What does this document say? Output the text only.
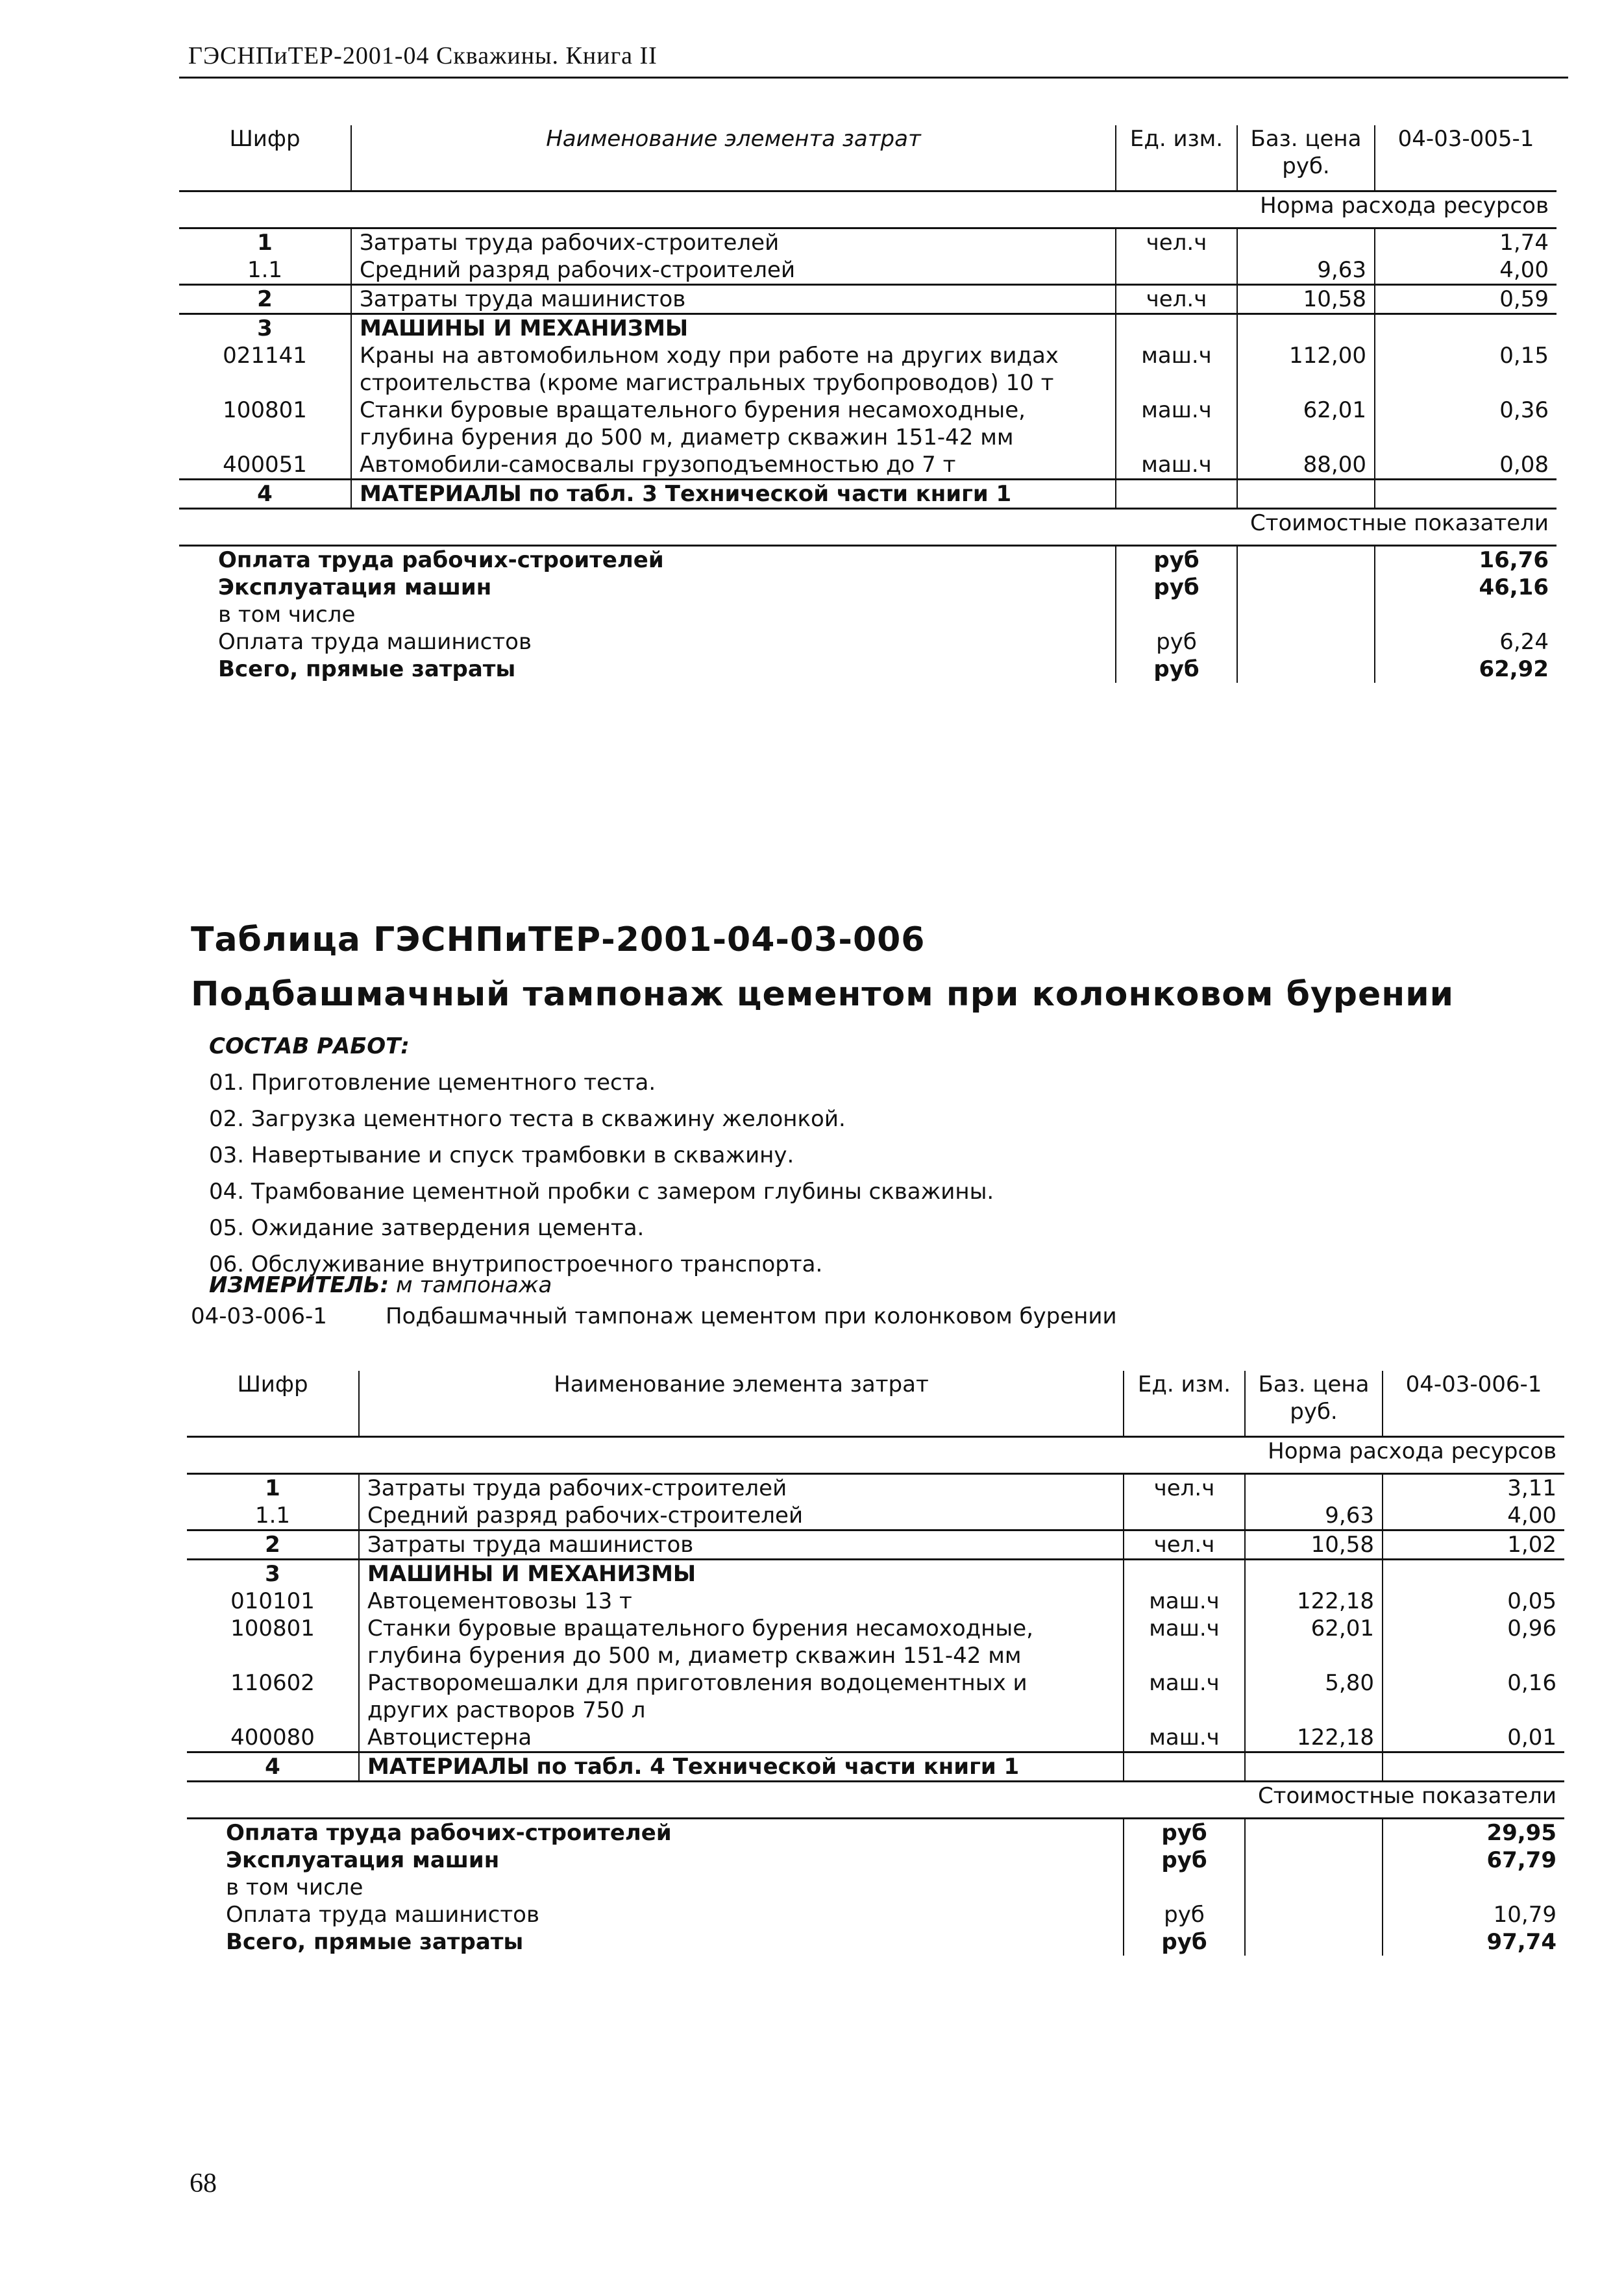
ГЭСНПиТЕР-2001-04 Скважины. Книга II
Шифр	Наименование элемента затрат	Ед. изм.	Баз. цена руб.	04-03-005-1
Норма расхода ресурсов				
1	Затраты труда рабочих-строителей	чел.ч		1,74
1.1	Средний разряд рабочих-строителей		9,63	4,00
2	Затраты труда машинистов	чел.ч	10,58	0,59
3	МАШИНЫ И МЕХАНИЗМЫ			
021141	Краны на автомобильном ходу при работе на других видах строительства (кроме магистральных трубопроводов) 10 т	маш.ч	112,00	0,15
100801	Станки буровые вращательного бурения несамоходные, глубина бурения до 500 м, диаметр скважин 151-42 мм	маш.ч	62,01	0,36
400051	Автомобили-самосвалы грузоподъемностью до 7 т	маш.ч	88,00	0,08
4	МАТЕРИАЛЫ по табл. 3 Технической части книги 1			
Стоимостные показатели				
Оплата труда рабочих-строителей		руб		16,76
Эксплуатация машин		руб		46,16
в том числе				
Оплата труда машинистов		руб		6,24
Всего, прямые затраты		руб		62,92
Таблица ГЭСНПиТЕР-2001-04-03-006
Подбашмачный тампонаж цементом при колонковом бурении
СОСТАВ РАБОТ:
01. Приготовление цементного теста.
02. Загрузка цементного теста в скважину желонкой.
03. Навертывание и спуск трамбовки в скважину.
04. Трамбование цементной пробки с замером глубины скважины.
05. Ожидание затвердения цемента.
06. Обслуживание внутрипостроечного транспорта.
ИЗМЕРИТЕЛЬ: м тампонажа
04-03-006-1	Подбашмачный тампонаж цементом при колонковом бурении
Шифр	Наименование элемента затрат	Ед. изм.	Баз. цена руб.	04-03-006-1
Норма расхода ресурсов				
1	Затраты труда рабочих-строителей	чел.ч		3,11
1.1	Средний разряд рабочих-строителей		9,63	4,00
2	Затраты труда машинистов	чел.ч	10,58	1,02
3	МАШИНЫ И МЕХАНИЗМЫ			
010101	Автоцементовозы 13 т	маш.ч	122,18	0,05
100801	Станки буровые вращательного бурения несамоходные, глубина бурения до 500 м, диаметр скважин 151-42 мм	маш.ч	62,01	0,96
110602	Растворомешалки для приготовления водоцементных и других растворов 750 л	маш.ч	5,80	0,16
400080	Автоцистерна	маш.ч	122,18	0,01
4	МАТЕРИАЛЫ по табл. 4 Технической части книги 1			
Стоимостные показатели				
Оплата труда рабочих-строителей		руб		29,95
Эксплуатация машин		руб		67,79
в том числе				
Оплата труда машинистов		руб		10,79
Всего, прямые затраты		руб		97,74
68
